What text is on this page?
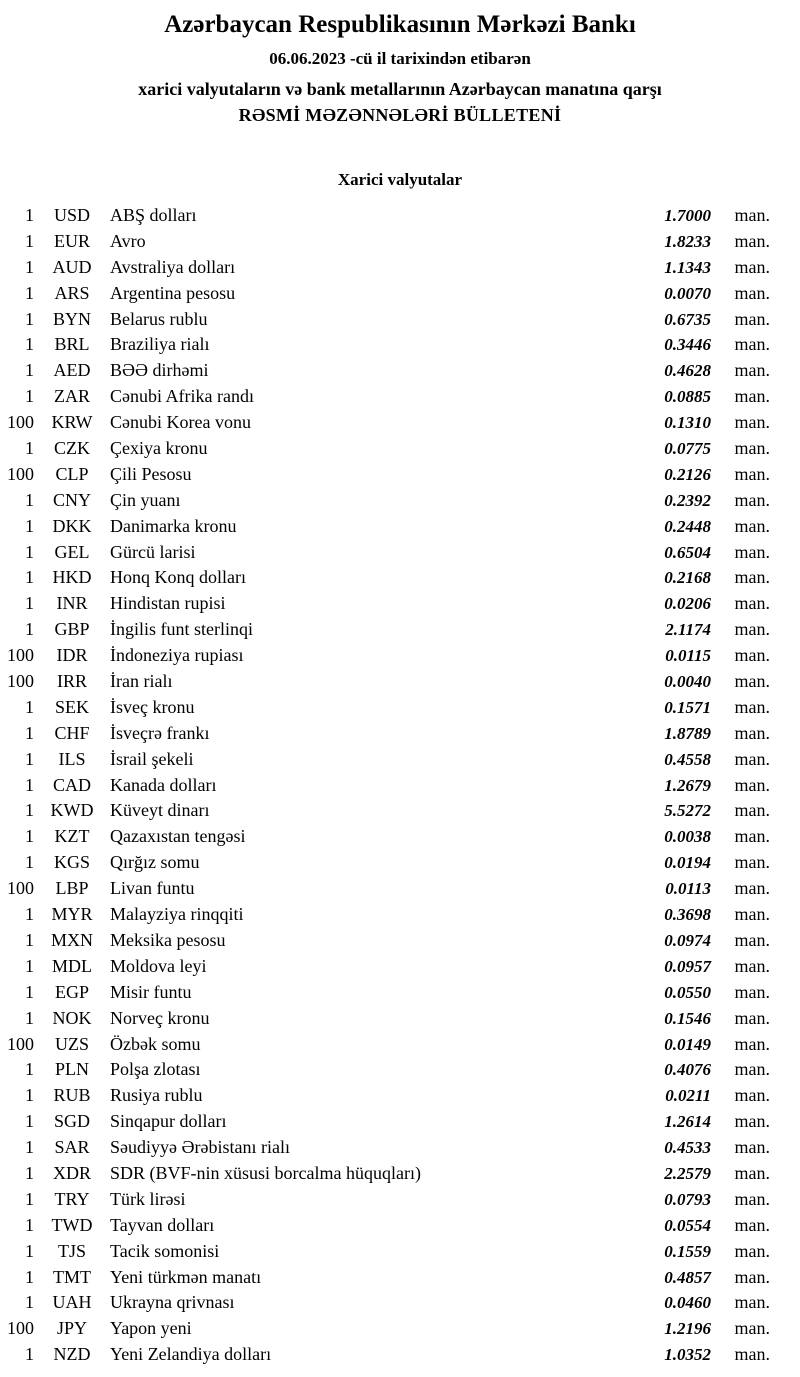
Azərbaycan Respublikasının Mərkəzi Bankı
06.06.2023 -cü il tarixindən etibarən
xarici valyutaların və bank metallarının Azərbaycan manatına qarşı
RƏSMİ MƏZƏNNƏLƏRİ BÜLLETENİ
Xarici valyutalar
1	USD	ABŞ dolları	1.7000	man.
1	EUR	Avro	1.8233	man.
1	AUD	Avstraliya dolları	1.1343	man.
1	ARS	Argentina pesosu	0.0070	man.
1	BYN	Belarus rublu	0.6735	man.
1	BRL	Braziliya rialı	0.3446	man.
1	AED	BƏƏ dirhəmi	0.4628	man.
1	ZAR	Cənubi Afrika randı	0.0885	man.
100 KRW Cənubi Korea vonu	0.1310	man.
1	CZK	Çexiya kronu	0.0775	man.
100	CLP	Çili Pesosu	0.2126	man.
1	CNY	Çin yuanı	0.2392	man.
1	DKK	Danimarka kronu	0.2448	man.
1	GEL	Gürcü larisi	0.6504	man.
1	HKD	Honq Konq dolları	0.2168	man.
1	INR	Hindistan rupisi	0.0206	man.
1	GBP	İngilis funt sterlinqi	2.1174	man.
100	IDR	İndoneziya rupiası	0.0115	man.
100	IRR	İran rialı	0.0040	man.
1	SEK	İsveç kronu	0.1571	man.
1	CHF	İsveçrə frankı	1.8789	man.
1	ILS	İsrail şekeli	0.4558	man.
1	CAD	Kanada dolları	1.2679	man.
1 KWD Küveyt dinarı	5.5272	man.
1	KZT	Qazaxıstan tengəsi	0.0038	man.
1	KGS	Qırğız somu	0.0194	man.
100	LBP	Livan funtu	0.0113	man.
1 MYR Malayziya rinqqiti	0.3698	man.
1 MXN Meksika pesosu	0.0974	man.
1	MDL	Moldova leyi	0.0957	man.
1	EGP	Misir funtu	0.0550	man.
1	NOK	Norveç kronu	0.1546	man.
100	UZS	Özbək somu	0.0149	man.
1	PLN	Polşa zlotası	0.4076	man.
1	RUB	Rusiya rublu	0.0211	man.
1	SGD	Sinqapur dolları	1.2614	man.
1	SAR	Səudiyyə Ərəbistanı rialı	0.4533	man.
1	XDR	SDR (BVF-nin xüsusi borcalma hüquqları)	2.2579	man.
1	TRY	Türk lirəsi	0.0793	man.
1 TWD Tayvan dolları	0.0554	man.
1	TJS	Tacik somonisi	0.1559	man.
1	TMT	Yeni türkmən manatı	0.4857	man.
1	UAH	Ukrayna qrivnası	0.0460	man.
100	JPY	Yapon yeni	1.2196	man.
1	NZD	Yeni Zelandiya dolları	1.0352	man.
